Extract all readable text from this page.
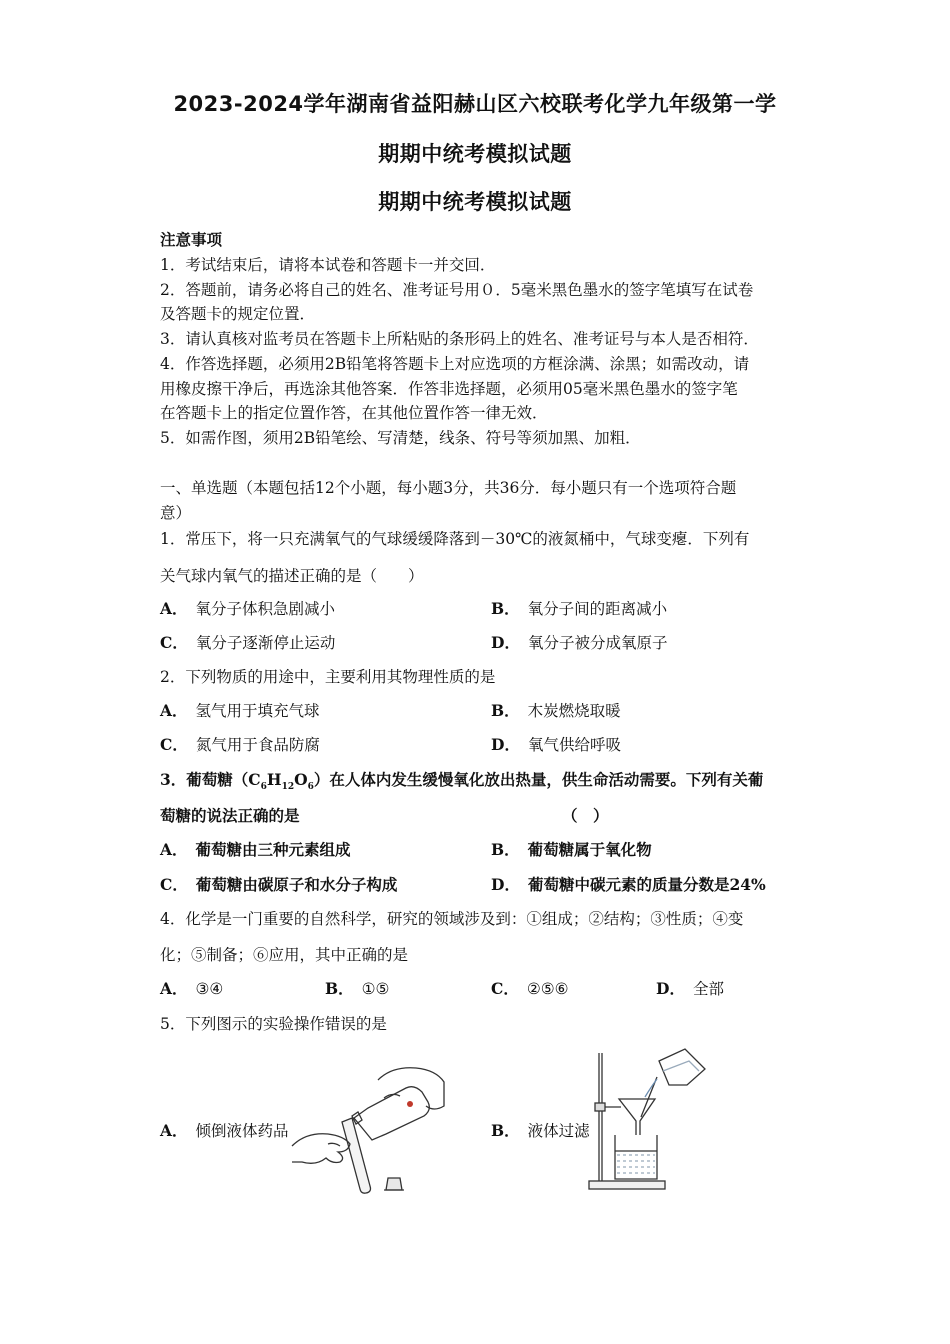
2023-2024学年湖南省益阳赫山区六校联考化学九年级第一学
期期中统考模拟试题
期期中统考模拟试题
注意事项
1．考试结束后，请将本试卷和答题卡一并交回．
2．答题前，请务必将自己的姓名、准考证号用０．5毫米黑色墨水的签字笔填写在试卷
及答题卡的规定位置．
3．请认真核对监考员在答题卡上所粘贴的条形码上的姓名、准考证号与本人是否相符．
4．作答选择题，必须用2B铅笔将答题卡上对应选项的方框涂满、涂黑；如需改动，请
用橡皮擦干净后，再选涂其他答案．作答非选择题，必须用05毫米黑色墨水的签字笔
在答题卡上的指定位置作答，在其他位置作答一律无效．
5．如需作图，须用2B铅笔绘、写清楚，线条、符号等须加黑、加粗．
一、单选题（本题包括12个小题，每小题3分，共36分．每小题只有一个选项符合题
意）
1．常压下，将一只充满氧气的气球缓缓降落到－30℃的液氮桶中，气球变瘪．下列有
关气球内氧气的描述正确的是（　　）
A． 氧分子体积急剧减小	B． 氧分子间的距离减小
C． 氧分子逐渐停止运动	D． 氧分子被分成氧原子
2．下列物质的用途中，主要利用其物理性质的是
A． 氢气用于填充气球	B． 木炭燃烧取暖
C． 氮气用于食品防腐	D． 氧气供给呼吸
3．葡萄糖$(C_6H_{12}O_6)$在人体内发生缓慢氧化放出热量，供生命活动需要。下列有关葡
萄糖的说法正确的是	（　）
A． 葡萄糖由三种元素组成	B． 葡萄糖属于氧化物
C． 葡萄糖由碳原子和水分子构成	D． 葡萄糖中碳元素的质量分数是24%
4．化学是一门重要的自然科学，研究的领域涉及到：①组成；②结构；③性质；④变
化；⑤制备；⑥应用，其中正确的是
A． ③④	B． ①⑤	C． ②⑤⑥	D． 全部
5．下列图示的实验操作错误的是
A． 倾倒液体药品	B． 液体过滤
